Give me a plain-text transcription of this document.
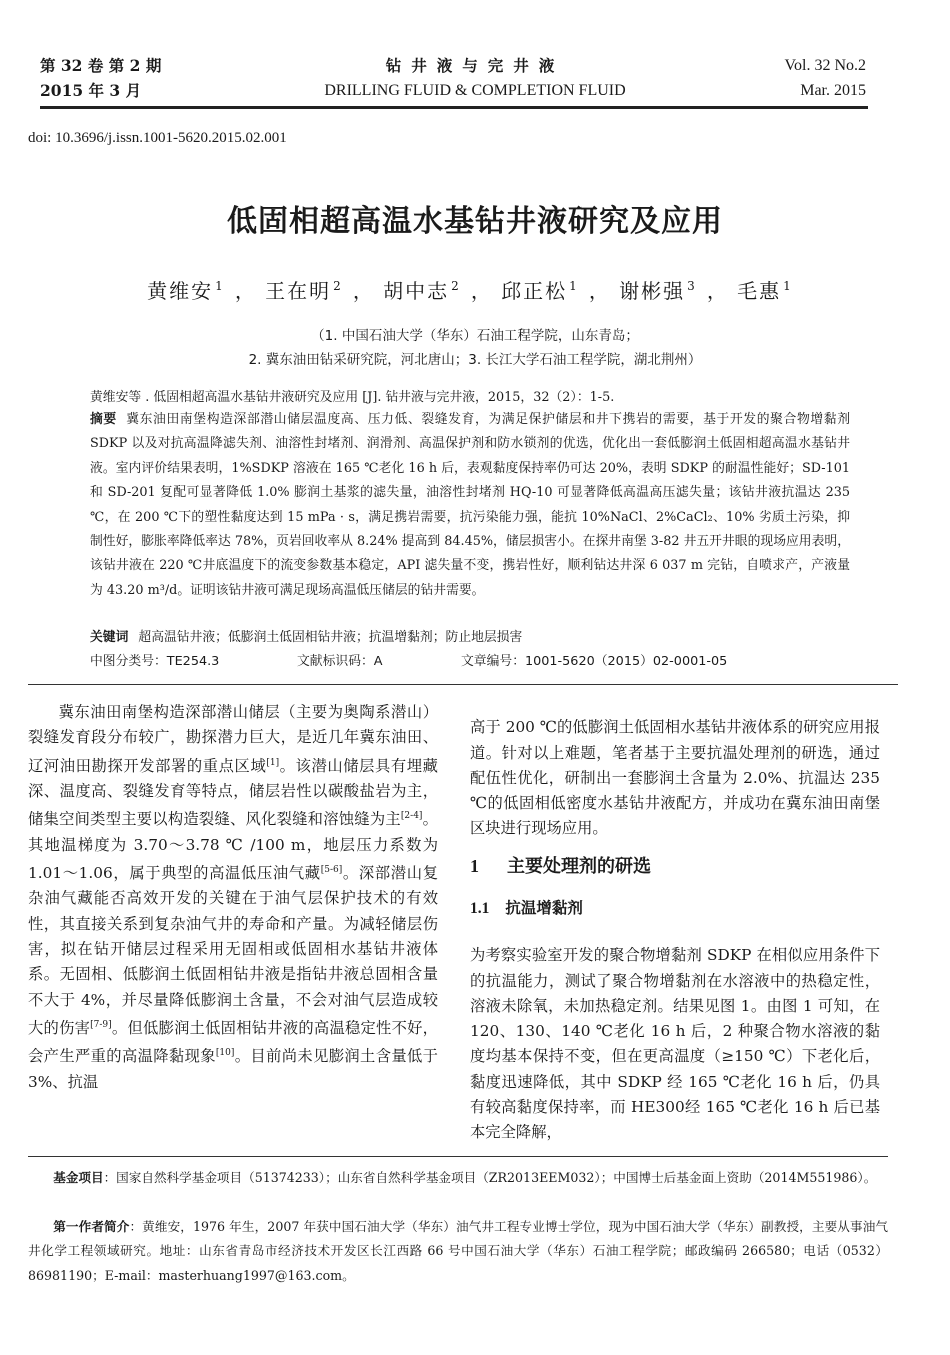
第 32 卷 第 2 期
2015 年 3 月
钻井液与完井液
DRILLING FLUID & COMPLETION FLUID
Vol. 32 No.2
Mar. 2015
doi: 10.3696/j.issn.1001-5620.2015.02.001
低固相超高温水基钻井液研究及应用
黄维安 $^1$ ， 王在明 $^2$ ， 胡中志 $^2$ ， 邱正松 $^1$ ， 谢彬强 $^3$ ， 毛惠 $^1$
（1. 中国石油大学（华东）石油工程学院，山东青岛；
2. 冀东油田钻采研究院，河北唐山；3. 长江大学石油工程学院，湖北荆州）
黄维安等 . 低固相超高温水基钻井液研究及应用 [J]. 钻井液与完井液，2015，32（2）：1-5.
摘要 冀东油田南堡构造深部潜山储层温度高、压力低、裂缝发育，为满足保护储层和井下携岩的需要，基于开发的聚合物增黏剂 SDKP 以及对抗高温降滤失剂、油溶性封堵剂、润滑剂、高温保护剂和防水锁剂的优选，优化出一套低膨润土低固相超高温水基钻井液。室内评价结果表明，1%SDKP 溶液在 165 ℃老化 16 h 后，表观黏度保持率仍可达 20%，表明 SDKP 的耐温性能好；SD-101 和 SD-201 复配可显著降低 1.0% 膨润土基浆的滤失量，油溶性封堵剂 HQ-10 可显著降低高温高压滤失量；该钻井液抗温达 235 ℃，在 200 ℃下的塑性黏度达到 15 mPa · s，满足携岩需要，抗污染能力强，能抗 10%NaCl、2%CaCl₂、10% 劣质土污染，抑制性好，膨胀率降低率达 78%，页岩回收率从 8.24% 提高到 84.45%，储层损害小。在探井南堡 3-82 井五开井眼的现场应用表明，该钻井液在 220 ℃井底温度下的流变参数基本稳定，API 滤失量不变，携岩性好，顺利钻达井深 6 037 m 完钻，自喷求产，产液量为 43.20 m³/d。证明该钻井液可满足现场高温低压储层的钻井需要。
关键词 超高温钻井液；低膨润土低固相钻井液；抗温增黏剂；防止地层损害
中图分类号：TE254.3	文献标识码：A	文章编号：1001-5620（2015）02-0001-05

冀东油田南堡构造深部潜山储层（主要为奥陶系潜山）裂缝发育段分布较广，勘探潜力巨大，是近几年冀东油田、辽河油田勘探开发部署的重点区域[1]。该潜山储层具有埋藏深、温度高、裂缝发育等特点，储层岩性以碳酸盐岩为主，储集空间类型主要以构造裂缝、风化裂缝和溶蚀缝为主[2-4]。其地温梯度为 3.70～3.78 ℃ /100 m，地层压力系数为 1.01～1.06，属于典型的高温低压油气藏[5-6]。深部潜山复杂油气藏能否高效开发的关键在于油气层保护技术的有效性，其直接关系到复杂油气井的寿命和产量。为减轻储层伤害，拟在钻开储层过程采用无固相或低固相水基钻井液体系。无固相、低膨润土低固相钻井液是指钻井液总固相含量不大于 4%，并尽量降低膨润土含量，不会对油气层造成较大的伤害[7-9]。但低膨润土低固相钻井液的高温稳定性不好，会产生严重的高温降黏现象[10]。目前尚未见膨润土含量低于 3%、抗温

高于 200 ℃的低膨润土低固相水基钻井液体系的研究应用报道。针对以上难题，笔者基于主要抗温处理剂的研选，通过配伍性优化，研制出一套膨润土含量为 2.0%、抗温达 235 ℃的低固相低密度水基钻井液配方，并成功在冀东油田南堡区块进行现场应用。

1 主要处理剂的研选
1.1 抗温增黏剂

为考察实验室开发的聚合物增黏剂 SDKP 在相似应用条件下的抗温能力，测试了聚合物增黏剂在水溶液中的热稳定性，溶液未除氧，未加热稳定剂。结果见图 1。由图 1 可知，在 120、130、140 ℃老化 16 h 后，2 种聚合物水溶液的黏度均基本保持不变，但在更高温度（≥150 ℃）下老化后，黏度迅速降低，其中 SDKP 经 165 ℃老化 16 h 后，仍具有较高黏度保持率，而 HE300经 165 ℃老化 16 h 后已基本完全降解，

基金项目：国家自然科学基金项目（51374233）；山东省自然科学基金项目（ZR2013EEM032）；中国博士后基金面上资助（2014M551986）。
第一作者简介：黄维安，1976 年生，2007 年获中国石油大学（华东）油气井工程专业博士学位，现为中国石油大学（华东）副教授，主要从事油气井化学工程领域研究。地址：山东省青岛市经济技术开发区长江西路 66 号中国石油大学（华东）石油工程学院；邮政编码 266580；电话（0532）86981190；E-mail：masterhuang1997@163.com。
